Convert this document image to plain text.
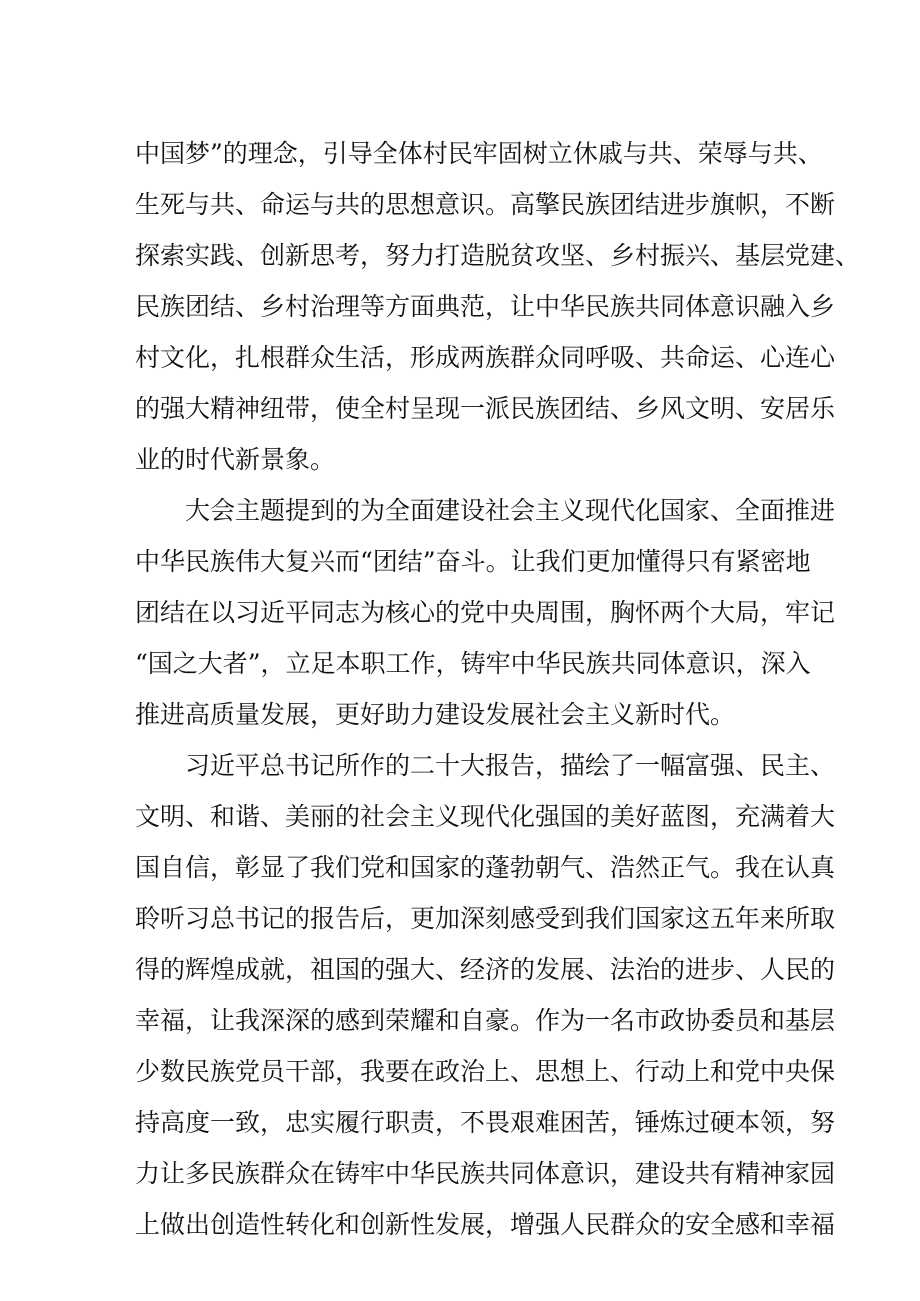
中国梦”的理念，引导全体村民牢固树立休戚与共、荣辱与共、
生死与共、命运与共的思想意识。高擎民族团结进步旗帜，不断
探索实践、创新思考，努力打造脱贫攻坚、乡村振兴、基层党建、
民族团结、乡村治理等方面典范，让中华民族共同体意识融入乡
村文化，扎根群众生活，形成两族群众同呼吸、共命运、心连心
的强大精神纽带，使全村呈现一派民族团结、乡风文明、安居乐
业的时代新景象。
大会主题提到的为全面建设社会主义现代化国家、全面推进
中华民族伟大复兴而“团结”奋斗。让我们更加懂得只有紧密地
团结在以习近平同志为核心的党中央周围，胸怀两个大局，牢记
“国之大者”，立足本职工作，铸牢中华民族共同体意识，深入
推进高质量发展，更好助力建设发展社会主义新时代。
习近平总书记所作的二十大报告，描绘了一幅富强、民主、
文明、和谐、美丽的社会主义现代化强国的美好蓝图，充满着大
国自信，彰显了我们党和国家的蓬勃朝气、浩然正气。我在认真
聆听习总书记的报告后，更加深刻感受到我们国家这五年来所取
得的辉煌成就，祖国的强大、经济的发展、法治的进步、人民的
幸福，让我深深的感到荣耀和自豪。作为一名市政协委员和基层
少数民族党员干部，我要在政治上、思想上、行动上和党中央保
持高度一致，忠实履行职责，不畏艰难困苦，锤炼过硬本领，努
力让多民族群众在铸牢中华民族共同体意识，建设共有精神家园
上做出创造性转化和创新性发展，增强人民群众的安全感和幸福
